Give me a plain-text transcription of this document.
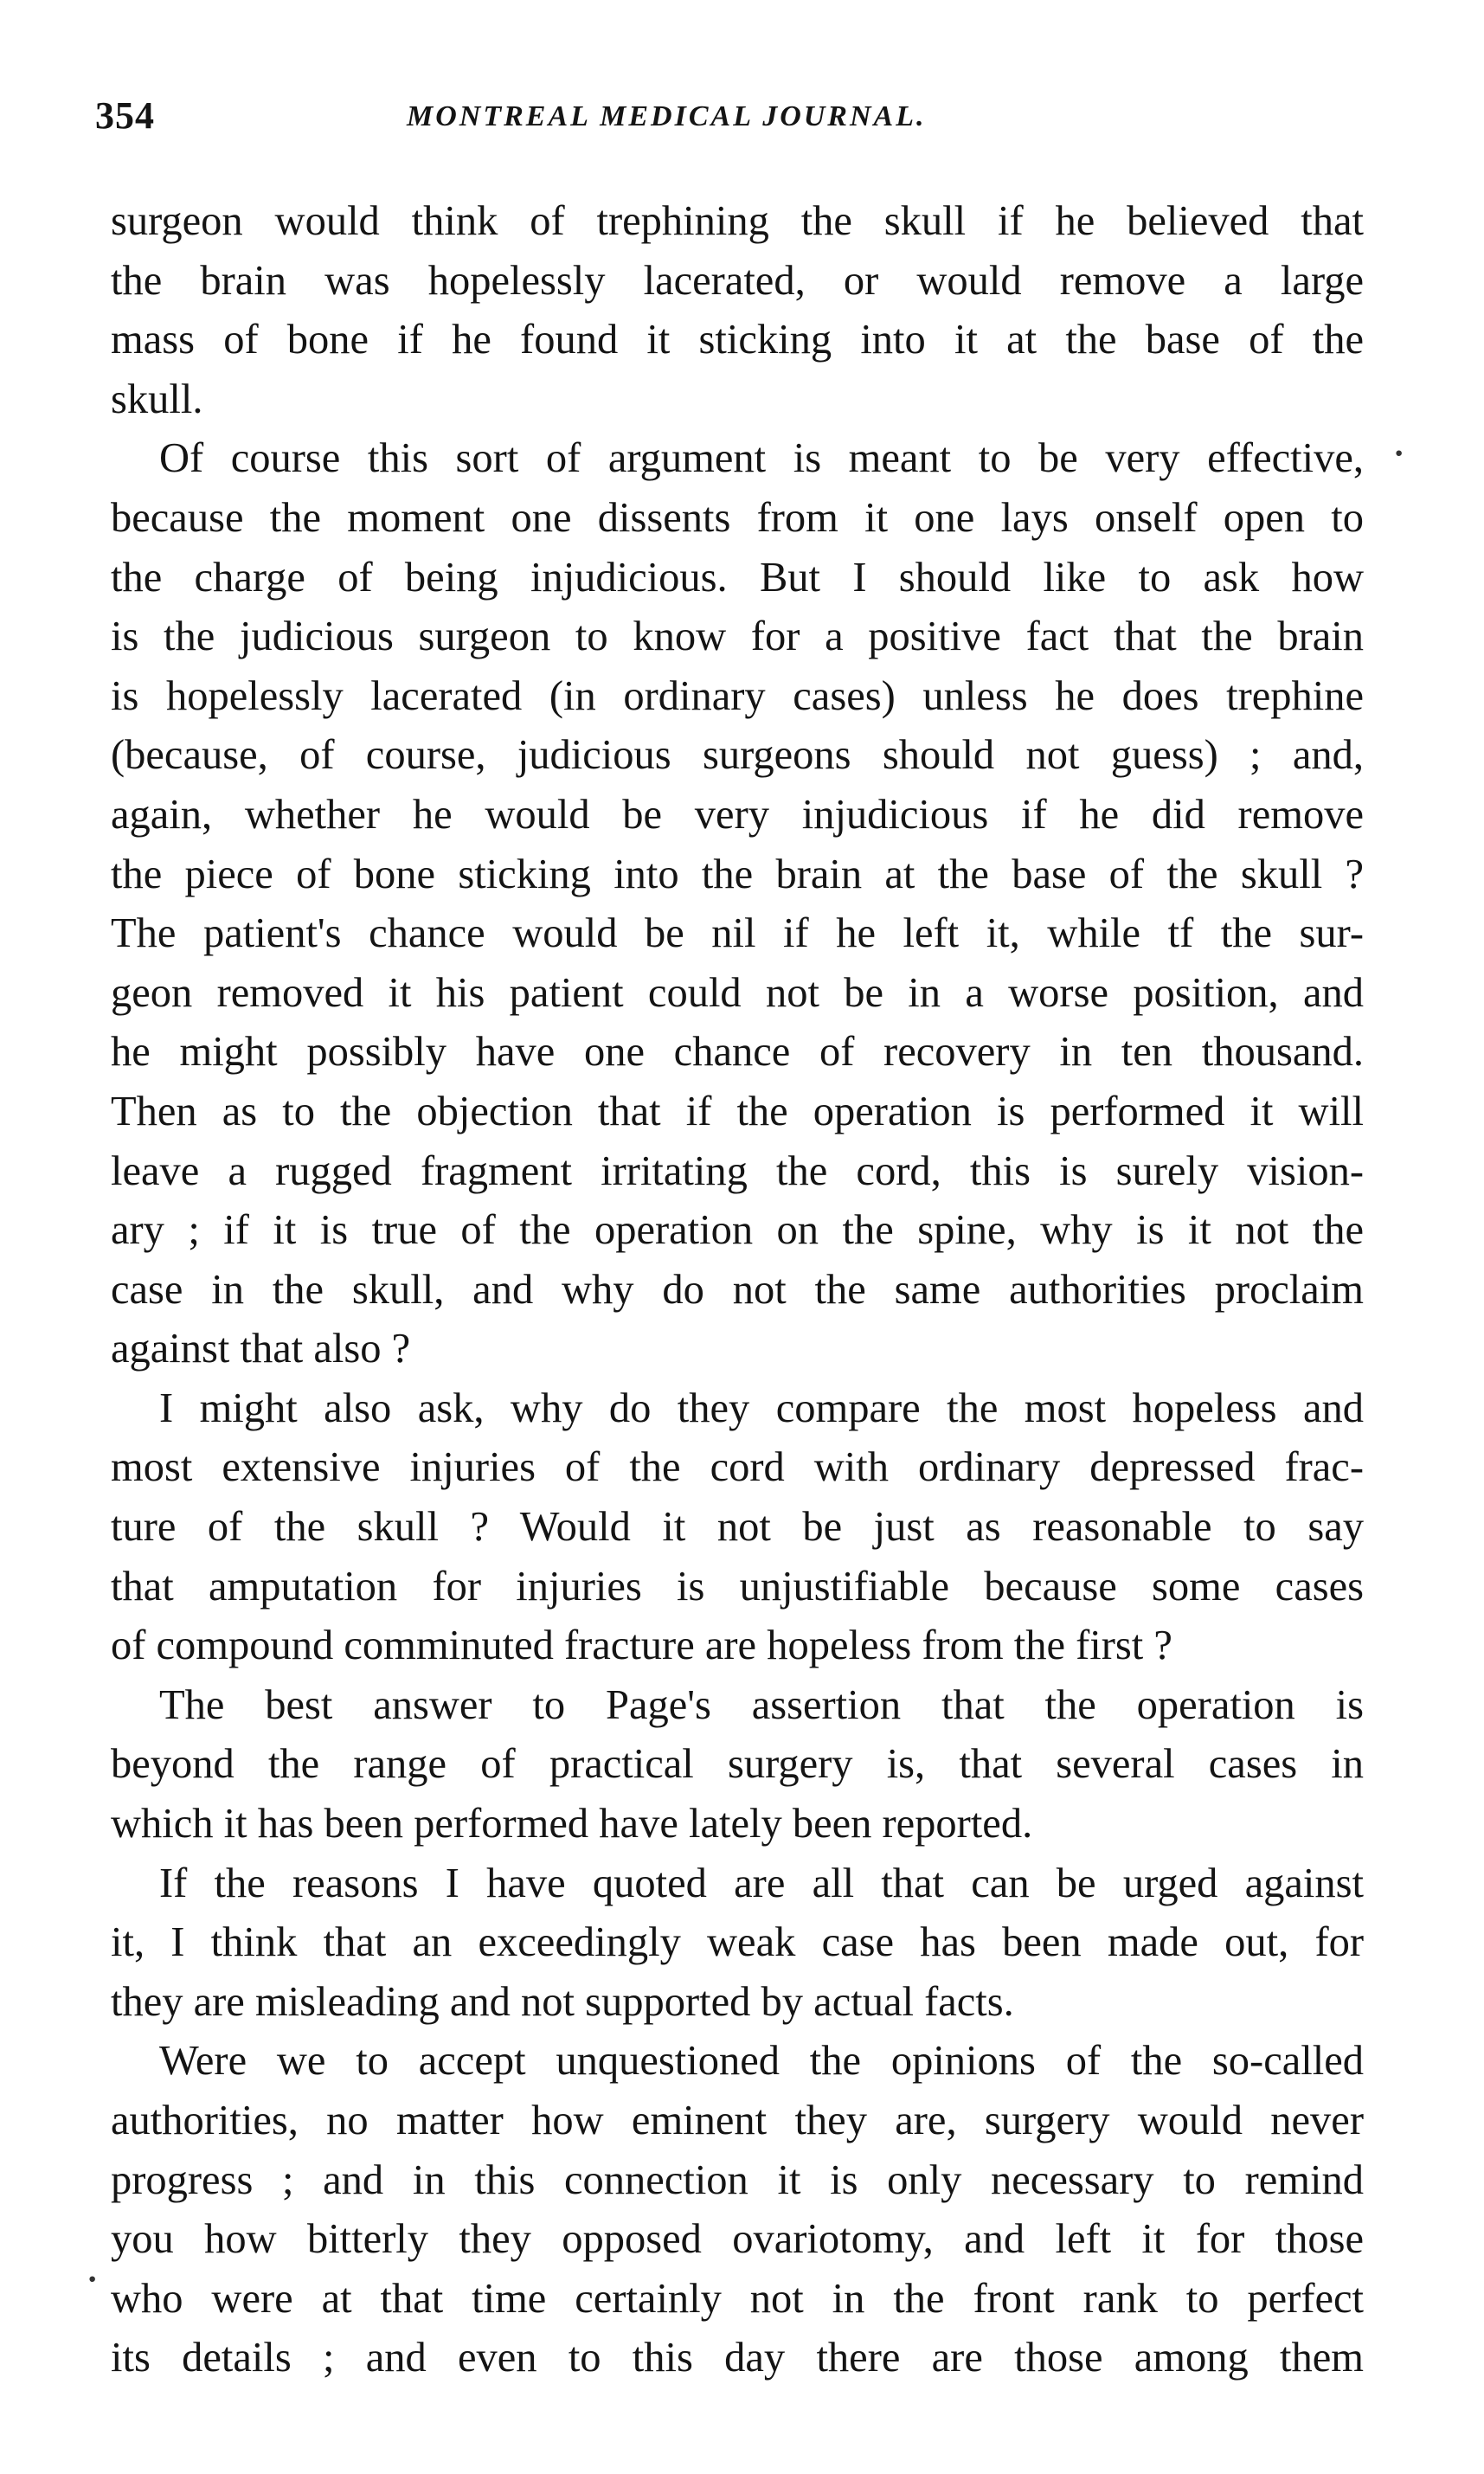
354	MONTREAL MEDICAL JOURNAL.
surgeon would think of trephining the skull if he believed that
the brain was hopelessly lacerated, or would remove a large
mass of bone if he found it sticking into it at the base of the
skull.
Of course this sort of argument is meant to be very effective,
because the moment one dissents from it one lays onself open to
the charge of being injudicious. But I should like to ask how
is the judicious surgeon to know for a positive fact that the brain
is hopelessly lacerated (in ordinary cases) unless he does trephine
(because, of course, judicious surgeons should not guess) ; and,
again, whether he would be very injudicious if he did remove
the piece of bone sticking into the brain at the base of the skull ?
The patient's chance would be nil if he left it, while tf the sur-
geon removed it his patient could not be in a worse position, and
he might possibly have one chance of recovery in ten thousand.
Then as to the objection that if the operation is performed it will
leave a rugged fragment irritating the cord, this is surely vision-
ary ; if it is true of the operation on the spine, why is it not the
case in the skull, and why do not the same authorities proclaim
against that also ?
I might also ask, why do they compare the most hopeless and
most extensive injuries of the cord with ordinary depressed frac-
ture of the skull ? Would it not be just as reasonable to say
that amputation for injuries is unjustifiable because some cases
of compound comminuted fracture are hopeless from the first ?
The best answer to Page's assertion that the operation is
beyond the range of practical surgery is, that several cases in
which it has been performed have lately been reported.
If the reasons I have quoted are all that can be urged against
it, I think that an exceedingly weak case has been made out, for
they are misleading and not supported by actual facts.
Were we to accept unquestioned the opinions of the so-called
authorities, no matter how eminent they are, surgery would never
progress ; and in this connection it is only necessary to remind
you how bitterly they opposed ovariotomy, and left it for those
who were at that time certainly not in the front rank to perfect
its details ; and even to this day there are those among them
·
·
